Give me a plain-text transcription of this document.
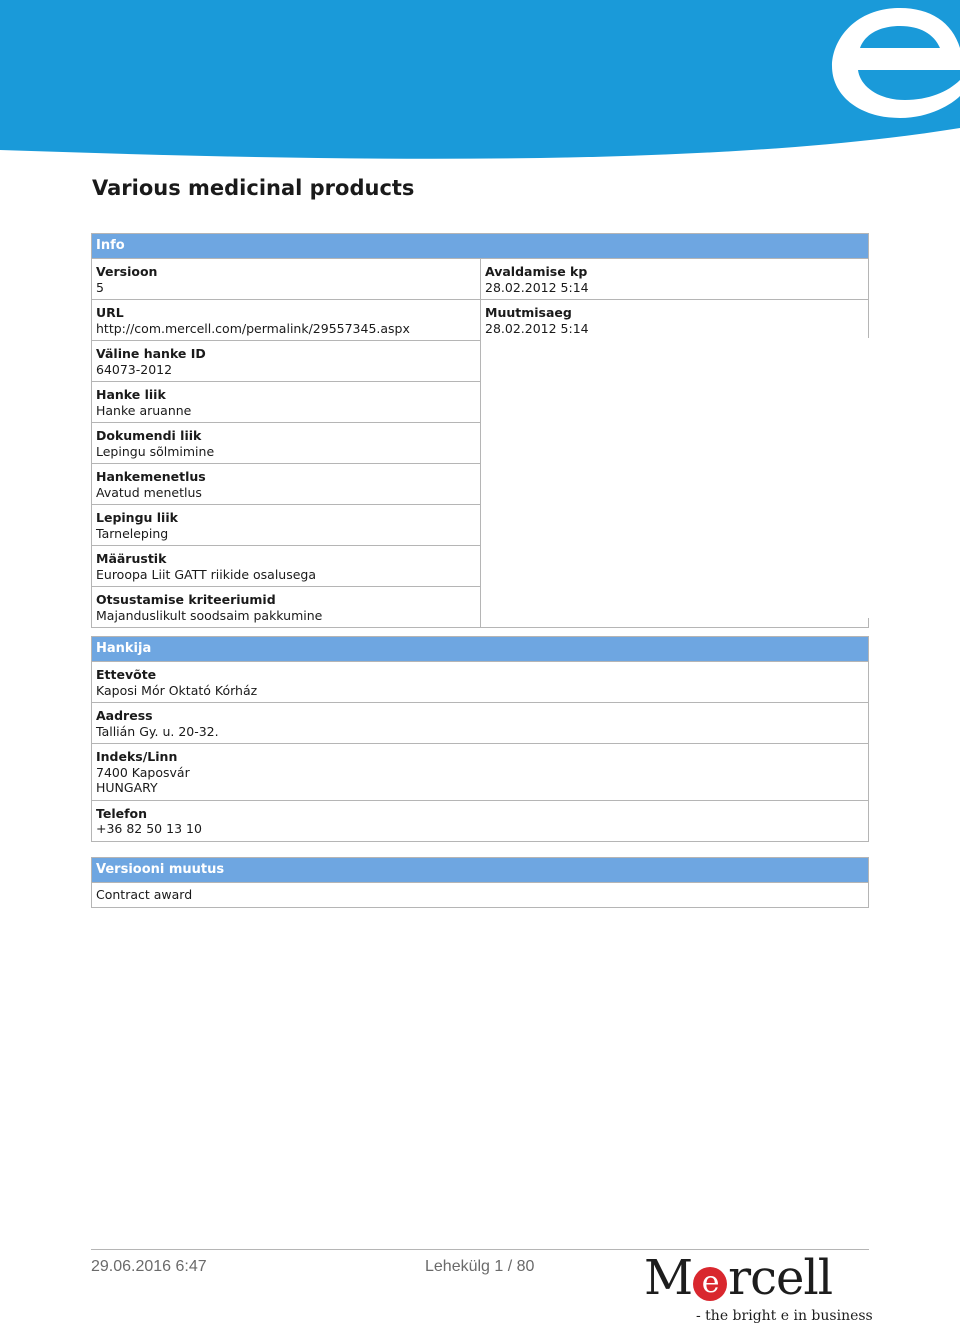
Various medicinal products
Info
Versioon
5
URL
http://com.mercell.com/permalink/29557345.aspx
Väline hanke ID
64073-2012
Hanke liik
Hanke aruanne
Dokumendi liik
Lepingu sõlmimine
Hankemenetlus
Avatud menetlus
Lepingu liik
Tarneleping
Määrustik
Euroopa Liit GATT riikide osalusega
Otsustamise kriteeriumid
Majanduslikult soodsaim pakkumine
Avaldamise kp
28.02.2012 5:14
Muutmisaeg
28.02.2012 5:14
Hankija
Ettevõte
Kaposi Mór Oktató Kórház
Aadress
Tallián Gy. u. 20-32.
Indeks/Linn
7400 Kaposvár
HUNGARY
Telefon
+36 82 50 13 10
Versiooni muutus
Contract award
29.06.2016 6:47	Lehekülg 1 / 80 M e rcell
- the bright e in business
